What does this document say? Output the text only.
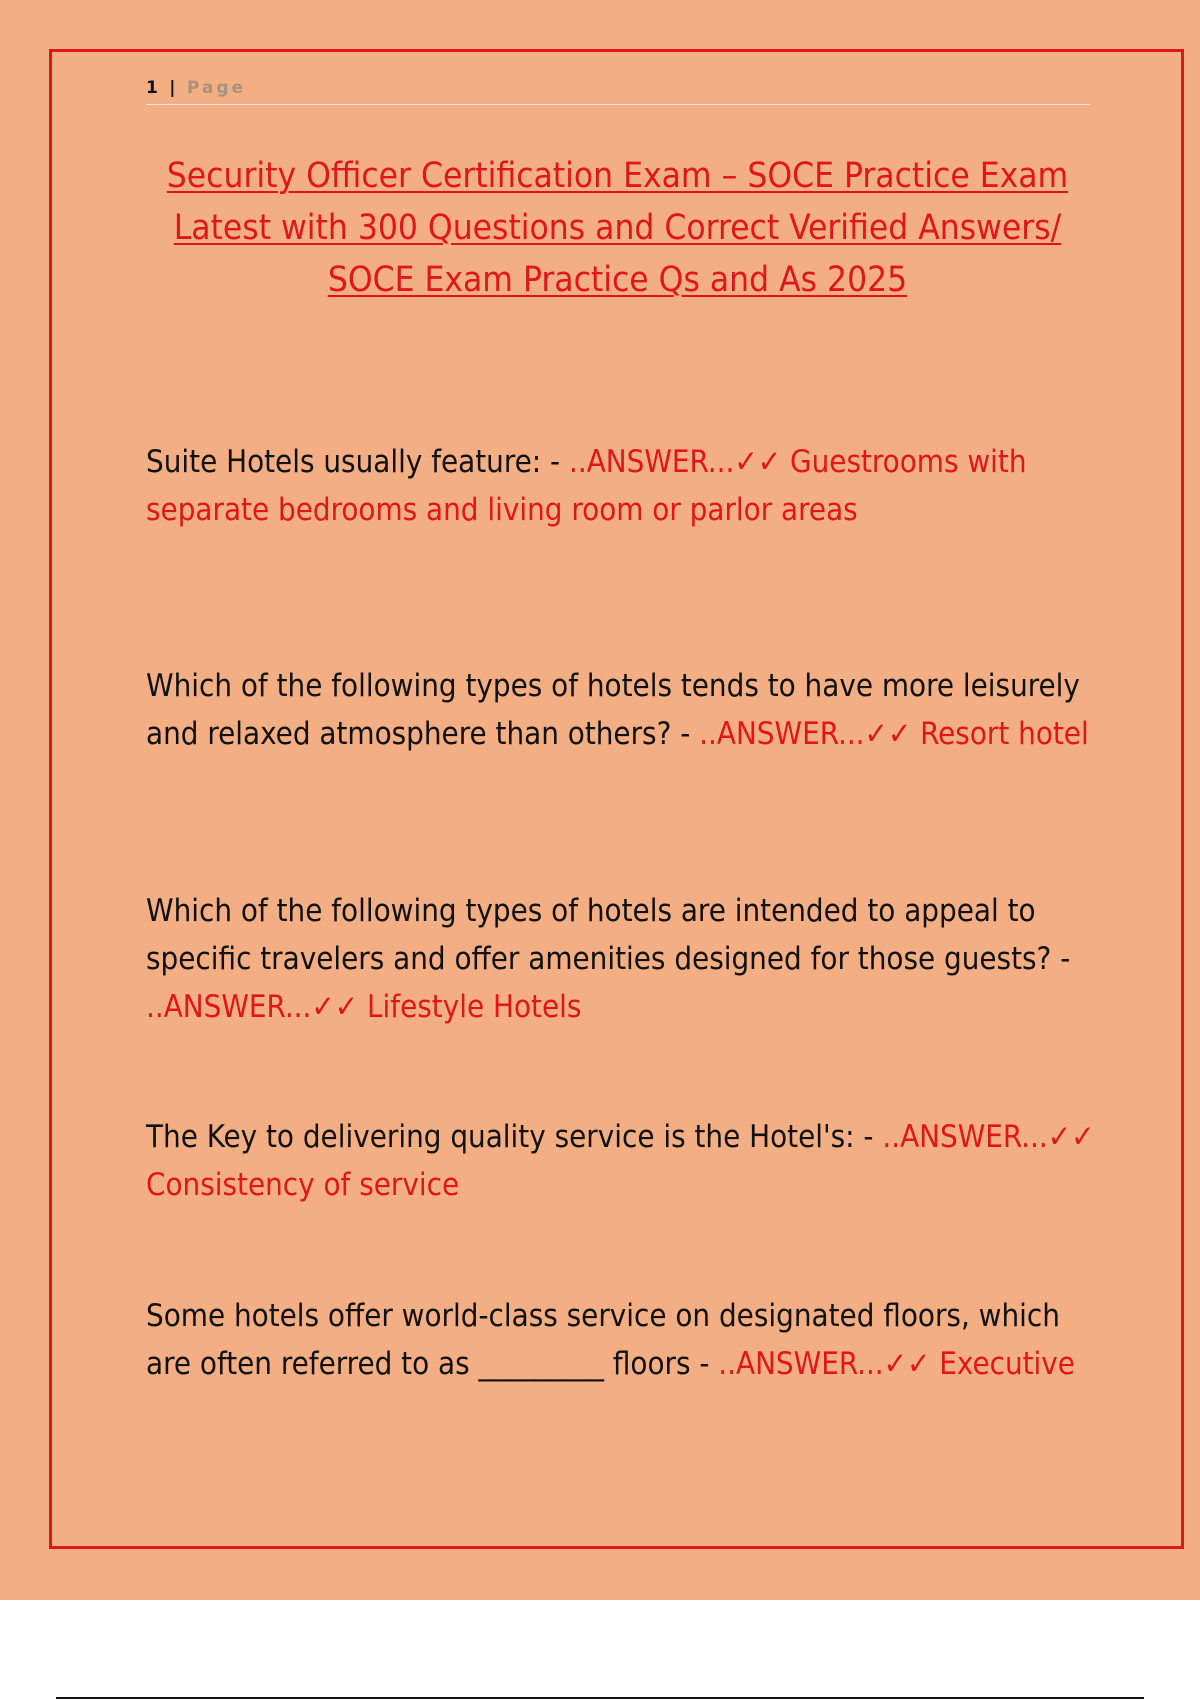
1 | Page
Security Officer Certification Exam – SOCE Practice Exam Latest with 300 Questions and Correct Verified Answers/ SOCE Exam Practice Qs and As 2025

Suite Hotels usually feature: - ..ANSWER...✓✓ Guestrooms with separate bedrooms and living room or parlor areas

Which of the following types of hotels tends to have more leisurely and relaxed atmosphere than others? - ..ANSWER...✓✓ Resort hotel

Which of the following types of hotels are intended to appeal to specific travelers and offer amenities designed for those guests? - ..ANSWER...✓✓ Lifestyle Hotels

The Key to delivering quality service is the Hotel's: - ..ANSWER...✓✓ Consistency of service

Some hotels offer world-class service on designated floors, which are often referred to as _________ floors - ..ANSWER...✓✓ Executive
